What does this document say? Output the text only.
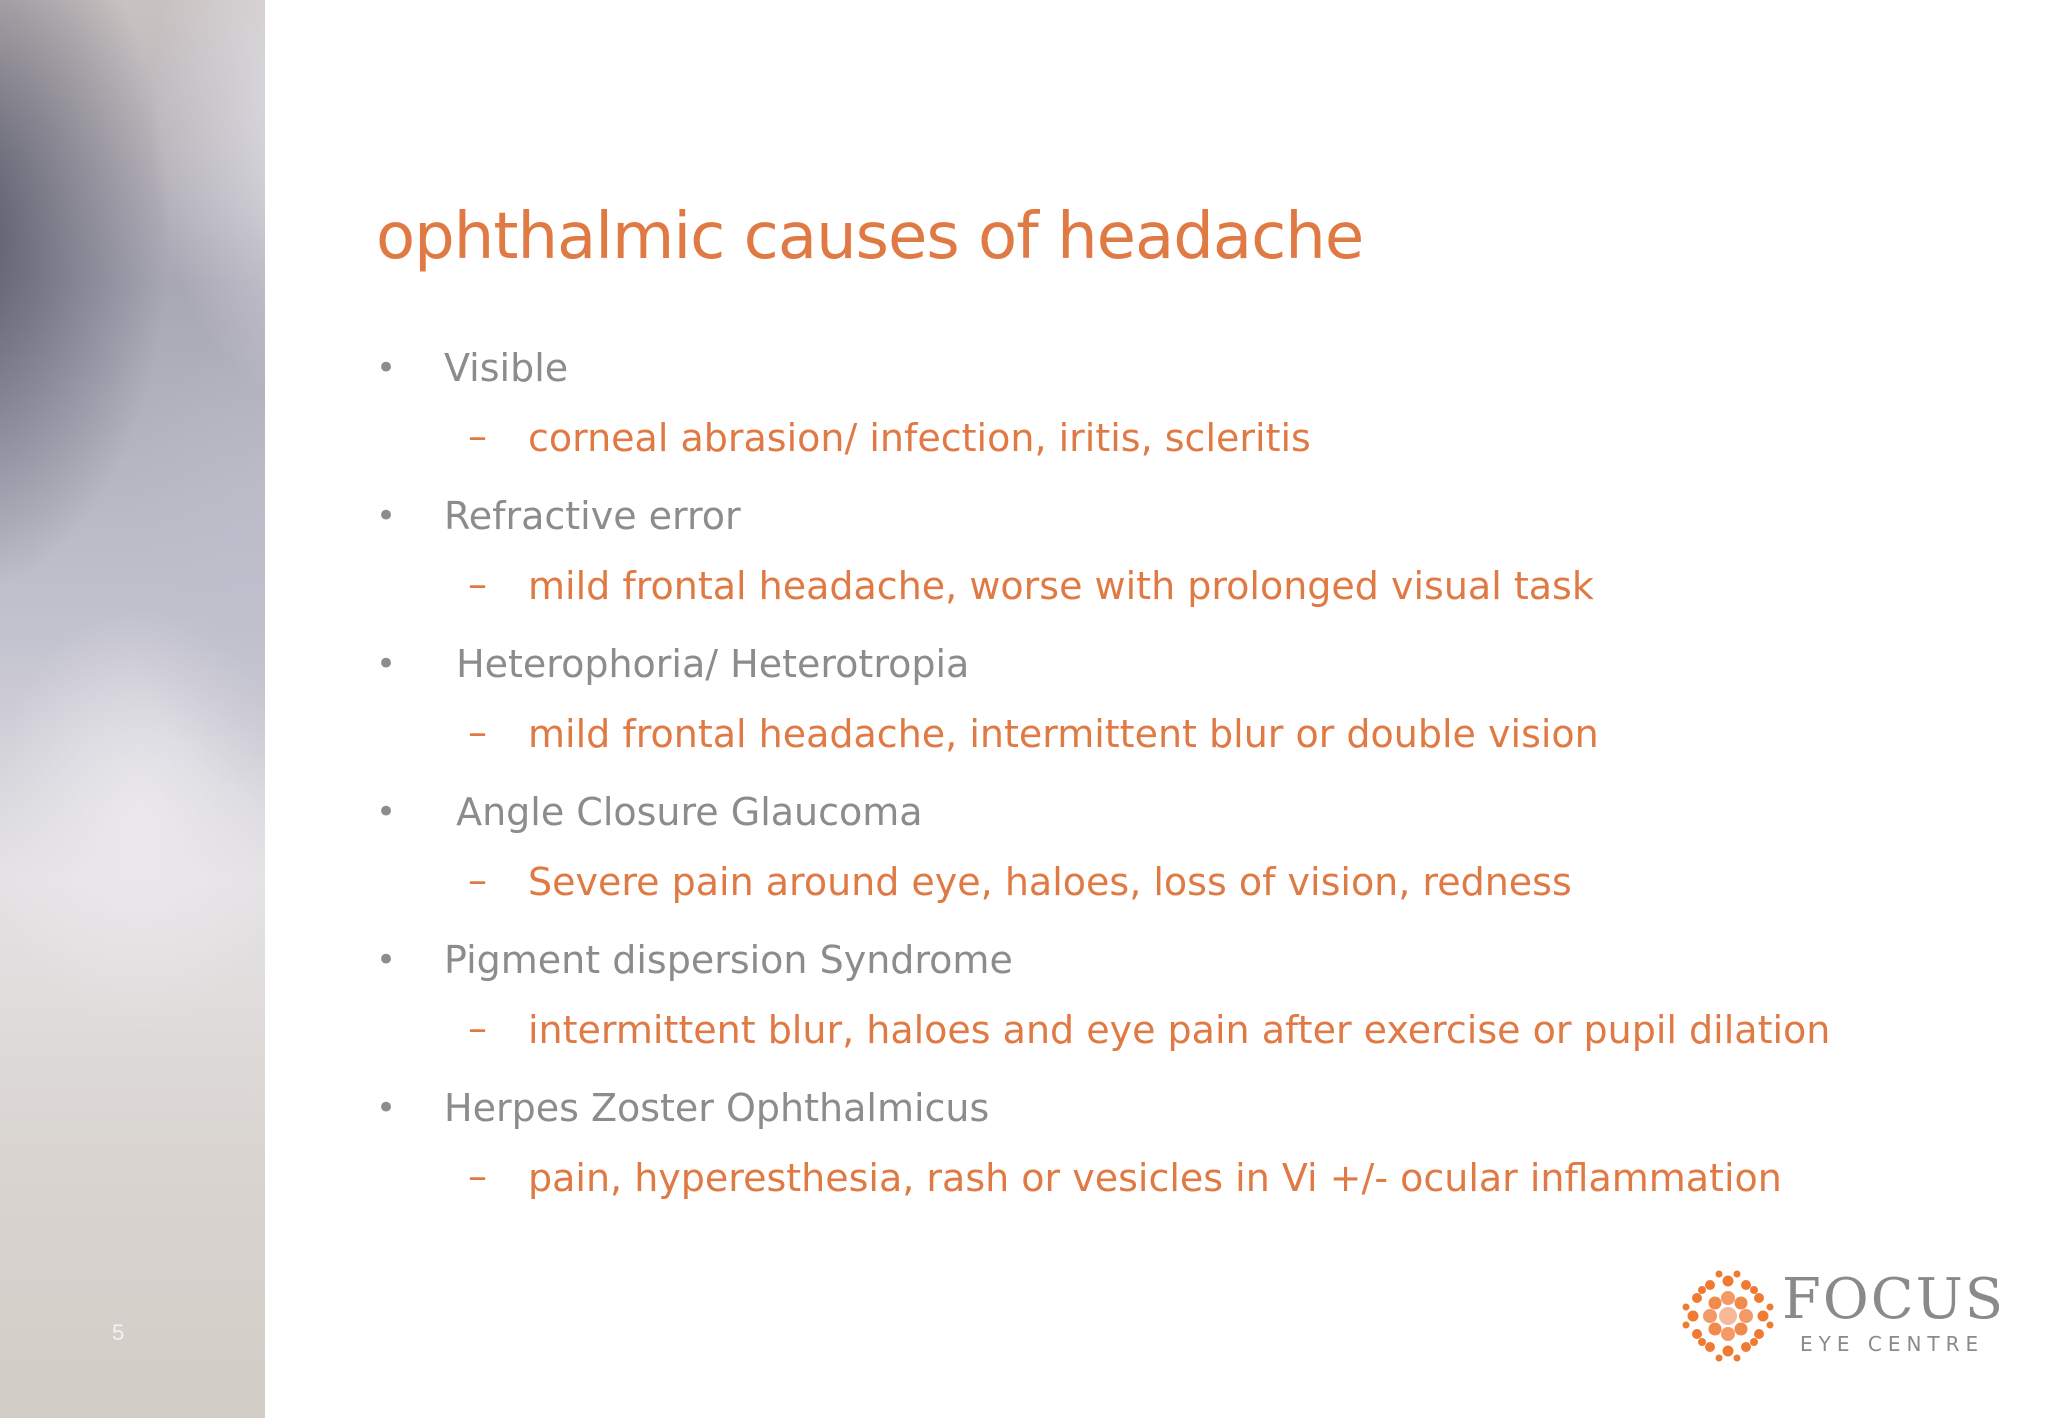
5
ophthalmic causes of headache
• Visible
– corneal abrasion/ infection, iritis, scleritis
• Refractive error
– mild frontal headache, worse with prolonged visual task
• Heterophoria/ Heterotropia
– mild frontal headache, intermittent blur or double vision
• Angle Closure Glaucoma
– Severe pain around eye, haloes, loss of vision, redness
• Pigment dispersion Syndrome
– intermittent blur, haloes and eye pain after exercise or pupil dilation
• Herpes Zoster Ophthalmicus
– pain, hyperesthesia, rash or vesicles in Vi +/- ocular inflammation
FOCUS
EYE CENTRE
